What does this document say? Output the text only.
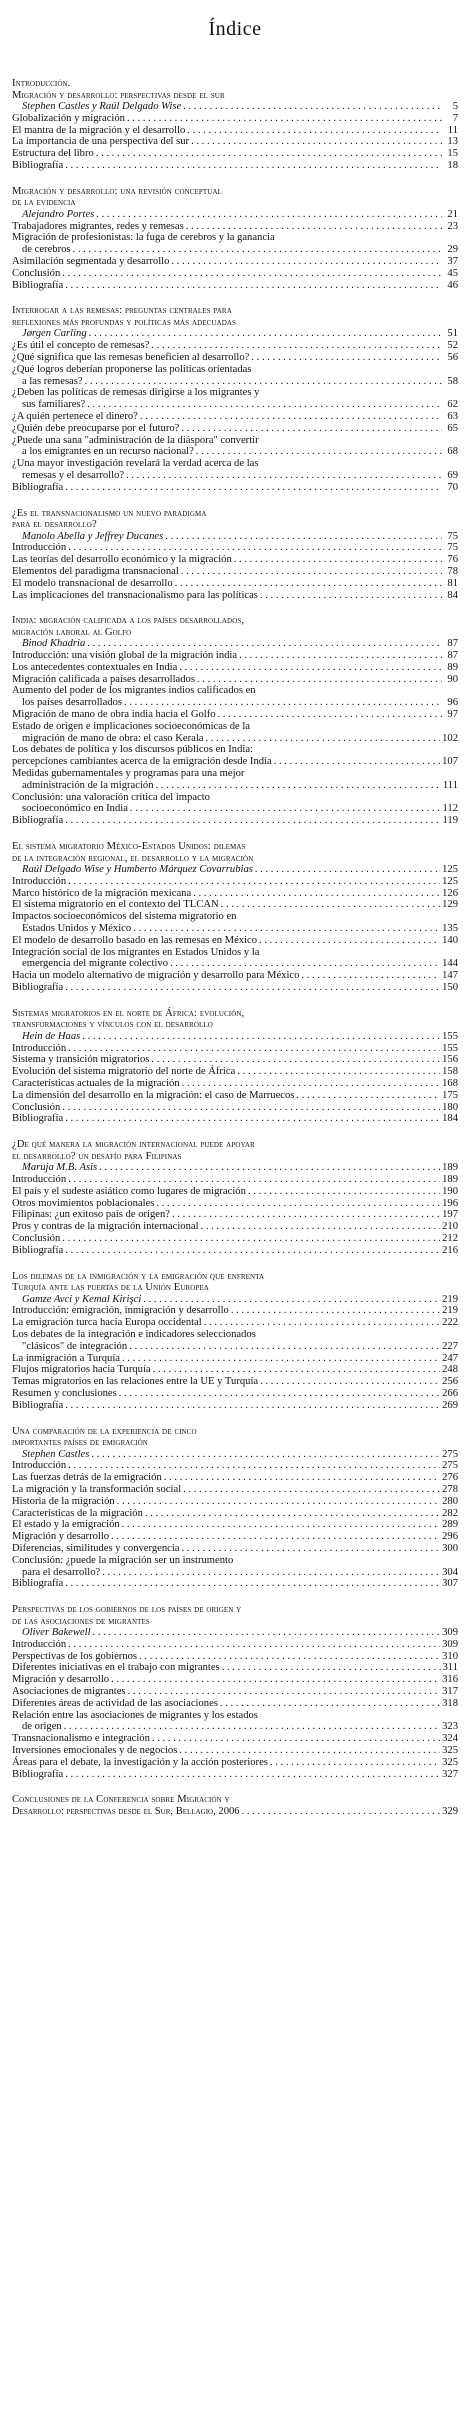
Índice
Introducción.
Migración y desarrollo: perspectivas desde el sur
Stephen Castles y Raúl Delgado Wise . . .	5
Globalización y migración . . .	7
El mantra de la migración y el desarrollo . . .	11
La importancia de una perspectiva del sur . . .	13
Estructura del libro . . .	15
Bibliografía . . .	18
Migración y desarrollo: una revisión conceptual
de la evidencia
Alejandro Portes . . .	21
Trabajadores migrantes, redes y remesas . . .	23
Migración de profesionistas: la fuga de cerebros y la ganancia
de cerebros . . .	29
Asimilación segmentada y desarrollo . . .	37
Conclusión . . .	45
Bibliografía . . .	46
Interrogar a las remesas: preguntas centrales para
reflexiones más profundas y políticas más adecuadas
Jørgen Carling . . .	51
¿Es útil el concepto de remesas? . . .	52
¿Qué significa que las remesas beneficien al desarrollo? . . .	56
¿Qué logros deberían proponerse las políticas orientadas
a las remesas? . . .	58
¿Deben las políticas de remesas dirigirse a los migrantes y
sus familiares? . . .	62
¿A quién pertenece el dinero? . . .	63
¿Quién debe preocuparse por el futuro? . . .	65
¿Puede una sana "administración de la diáspora" convertir
a los emigrantes en un recurso nacional? . . .	68
¿Una mayor investigación revelará la verdad acerca de las
remesas y el desarrollo? . . .	69
Bibliografía . . .	70
¿Es el transnacionalismo un nuevo paradigma
para el desarrollo?
Manolo Abella y Jeffrey Ducanes . . .	75
Introducción . . .	75
Las teorías del desarrollo económico y la migración . . .	76
Elementos del paradigma transnacional . . .	78
El modelo transnacional de desarrollo . . .	81
Las implicaciones del transnacionalismo para las políticas . . .	84
India: migración calificada a los países desarrollados,
migración laboral al Golfo
Binod Khadria . . .	87
Introducción: una visión global de la migración india . . .	87
Los antecedentes contextuales en India . . .	89
Migración calificada a países desarrollados . . .	90
Aumento del poder de los migrantes indios calificados en
los países desarrollados . . .	96
Migración de mano de obra india hacia el Golfo . . .	97
Estado de origen e implicaciones socioeconómicas de la
migración de mano de obra: el caso Kerala . . .	102
Los debates de política y los discursos públicos en India:
percepciones cambiantes acerca de la emigración desde India . . .	107
Medidas gubernamentales y programas para una mejor
administración de la migración . . .	111
Conclusión: una valoración crítica del impacto
socioeconómico en India . . .	112
Bibliografía . . .	119
El sistema migratorio México-Estados Unidos: dilemas
de la integración regional, el desarrollo y la migración
Raúl Delgado Wise y Humberto Márquez Covarrubias . . .	125
Introducción . . .	125
Marco histórico de la migración mexicana . . .	126
El sistema migratorio en el contexto del TLCAN . . .	129
Impactos socioeconómicos del sistema migratorio en
Estados Unidos y México . . .	135
El modelo de desarrollo basado en las remesas en México . . .	140
Integración social de los migrantes en Estados Unidos y la
emergencia del migrante colectivo . . .	144
Hacia un modelo alternativo de migración y desarrollo para México . . .	147
Bibliografía . . .	150
Sistemas migratorios en el norte de África: evolución,
transformaciones y vínculos con el desarrollo
Hein de Haas . . .	155
Introducción . . .	155
Sistema y transición migratorios . . .	156
Evolución del sistema migratorio del norte de África . . .	158
Características actuales de la migración . . .	168
La dimensión del desarrollo en la migración: el caso de Marruecos . . .	175
Conclusión . . .	180
Bibliografía . . .	184
¿De qué manera la migración internacional puede apoyar
el desarrollo? un desafío para Filipinas
Maruja M.B. Asis . . .	189
Introducción . . .	189
El país y el sudeste asiático como lugares de migración . . .	190
Otros movimientos poblacionales . . .	196
Filipinas: ¿un exitoso país de origen? . . .	197
Pros y contras de la migración internacional . . .	210
Conclusión . . .	212
Bibliografía . . .	216
Los dilemas de la inmigración y la emigración que enfrenta
Turquía ante las puertas de la Unión Europea
Gamze Avci y Kemal Kirişci . . .	219
Introducción: emigración, inmigración y desarrollo . . .	219
La emigración turca hacia Europa occidental . . .	222
Los debates de la integración e indicadores seleccionados
"clásicos" de integración . . .	227
La inmigración a Turquía . . .	247
Flujos migratorios hacia Turquía . . .	248
Temas migratorios en las relaciones entre la UE y Turquía . . .	256
Resumen y conclusiones . . .	266
Bibliografía . . .	269
Una comparación de la experiencia de cinco
importantes países de emigración
Stephen Castles . . .	275
Introducción . . .	275
Las fuerzas detrás de la emigración . . .	276
La migración y la transformación social . . .	278
Historia de la migración . . .	280
Características de la migración . . .	282
El estado y la emigración . . .	289
Migración y desarrollo . . .	296
Diferencias, similitudes y convergencia . . .	300
Conclusión: ¿puede la migración ser un instrumento
para el desarrollo? . . .	304
Bibliografía . . .	307
Perspectivas de los gobiernos de los países de origen y
de las asociaciones de migrantes
Oliver Bakewell . . .	309
Introducción . . .	309
Perspectivas de los gobiernos . . .	310
Diferentes iniciativas en el trabajo con migrantes . . .	311
Migración y desarrollo . . .	316
Asociaciones de migrantes . . .	317
Diferentes áreas de actividad de las asociaciones . . .	318
Relación entre las asociaciones de migrantes y los estados
de origen . . .	323
Transnacionalismo e integración . . .	324
Inversiones emocionales y de negocios . . .	325
Áreas para el debate, la investigación y la acción posteriores . . .	325
Bibliografía . . .	327
Conclusiones de la Conferencia sobre Migración y
Desarrollo: perspectivas desde el Sur, Bellagio, 2006 . . .	329
